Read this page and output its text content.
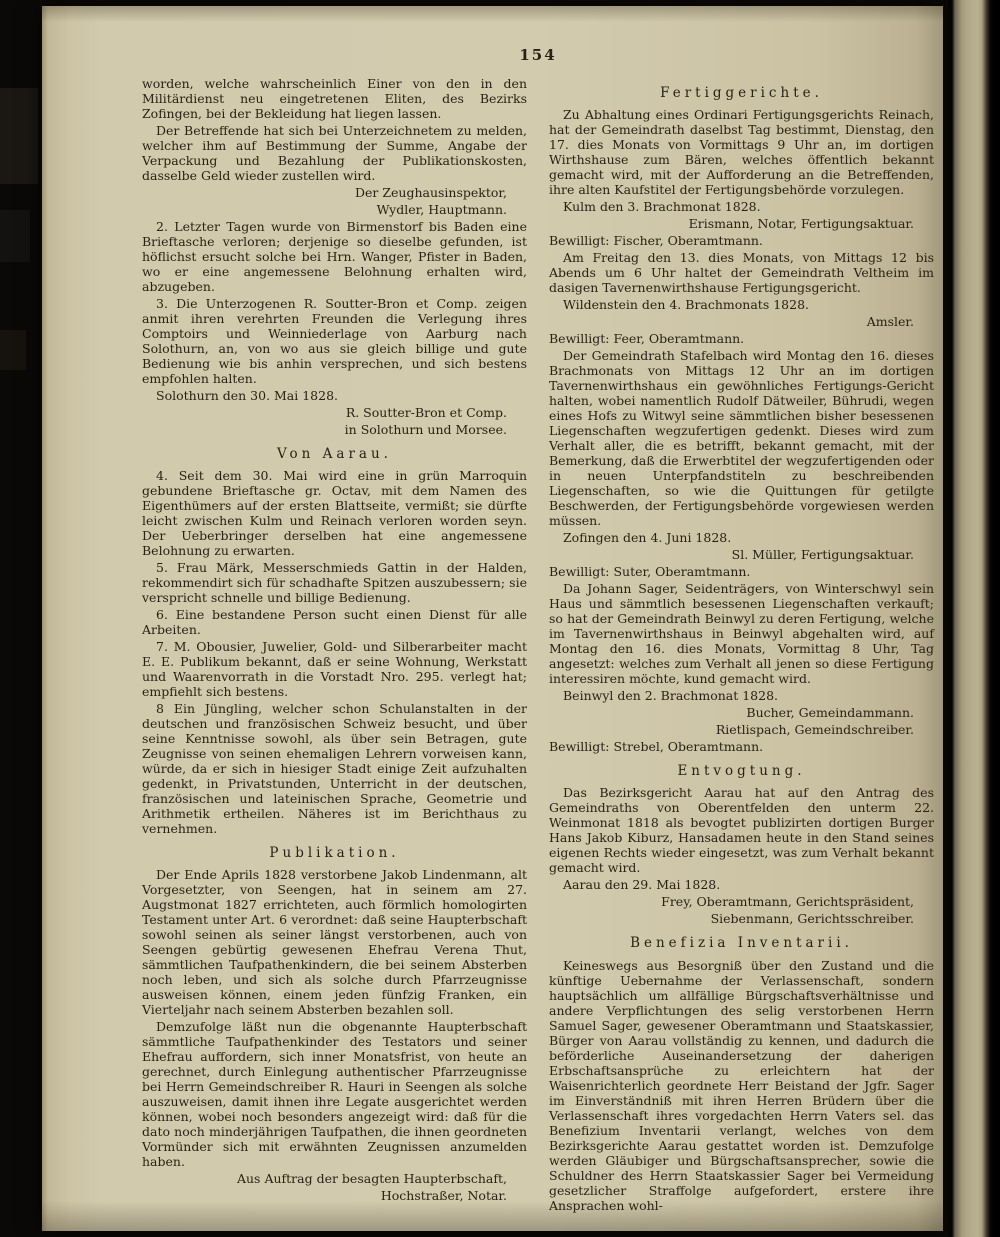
154
worden, welche wahrscheinlich Einer von den in den Militärdienst neu eingetretenen Eliten, des Bezirks Zofingen, bei der Bekleidung hat liegen lassen.
Der Betreffende hat sich bei Unterzeichnetem zu melden, welcher ihm auf Bestimmung der Summe, Angabe der Verpackung und Bezahlung der Publikationskosten, dasselbe Geld wieder zustellen wird.
Der Zeughausinspektor,
Wydler, Hauptmann.
2. Letzter Tagen wurde von Birmenstorf bis Baden eine Brieftasche verloren; derjenige so dieselbe gefunden, ist höflichst ersucht solche bei Hrn. Wanger, Pfister in Baden, wo er eine angemessene Belohnung erhalten wird, abzugeben.
3. Die Unterzogenen R. Soutter-Bron et Comp. zeigen anmit ihren verehrten Freunden die Verlegung ihres Comptoirs und Weinniederlage von Aarburg nach Solothurn, an, von wo aus sie gleich billige und gute Bedienung wie bis anhin versprechen, und sich bestens empfohlen halten.
Solothurn den 30. Mai 1828.
R. Soutter-Bron et Comp.
in Solothurn und Morsee.
Von Aarau.
4. Seit dem 30. Mai wird eine in grün Marroquin gebundene Brieftasche gr. Octav, mit dem Namen des Eigenthümers auf der ersten Blattseite, vermißt; sie dürfte leicht zwischen Kulm und Reinach verloren worden seyn. Der Ueberbringer derselben hat eine angemessene Belohnung zu erwarten.
5. Frau Märk, Messerschmieds Gattin in der Halden, rekommendirt sich für schadhafte Spitzen auszubessern; sie verspricht schnelle und billige Bedienung.
6. Eine bestandene Person sucht einen Dienst für alle Arbeiten.
7. M. Obousier, Juwelier, Gold- und Silberarbeiter macht E. E. Publikum bekannt, daß er seine Wohnung, Werkstatt und Waarenvorrath in die Vorstadt Nro. 295. verlegt hat; empfiehlt sich bestens.
8 Ein Jüngling, welcher schon Schulanstalten in der deutschen und französischen Schweiz besucht, und über seine Kenntnisse sowohl, als über sein Betragen, gute Zeugnisse von seinen ehemaligen Lehrern vorweisen kann, würde, da er sich in hiesiger Stadt einige Zeit aufzuhalten gedenkt, in Privatstunden, Unterricht in der deutschen, französischen und lateinischen Sprache, Geometrie und Arithmetik ertheilen. Näheres ist im Berichthaus zu vernehmen.
Publikation.
Der Ende Aprils 1828 verstorbene Jakob Lindenmann, alt Vorgesetzter, von Seengen, hat in seinem am 27. Augstmonat 1827 errichteten, auch förmlich homologirten Testament unter Art. 6 verordnet: daß seine Haupterbschaft sowohl seinen als seiner längst verstorbenen, auch von Seengen gebürtig gewesenen Ehefrau Verena Thut, sämmtlichen Taufpathenkindern, die bei seinem Absterben noch leben, und sich als solche durch Pfarrzeugnisse ausweisen können, einem jeden fünfzig Franken, ein Vierteljahr nach seinem Absterben bezahlen soll.
Demzufolge läßt nun die obgenannte Haupterbschaft sämmtliche Taufpathenkinder des Testators und seiner Ehefrau auffordern, sich inner Monatsfrist, von heute an gerechnet, durch Einlegung authentischer Pfarrzeugnisse bei Herrn Gemeindschreiber R. Hauri in Seengen als solche auszuweisen, damit ihnen ihre Legate ausgerichtet werden können, wobei noch besonders angezeigt wird: daß für die dato noch minderjährigen Taufpathen, die ihnen geordneten Vormünder sich mit erwähnten Zeugnissen anzumelden haben.
Aus Auftrag der besagten Haupterbschaft,
Hochstraßer, Notar.
Fertiggerichte.
Zu Abhaltung eines Ordinari Fertigungsgerichts Reinach, hat der Gemeindrath daselbst Tag bestimmt, Dienstag, den 17. dies Monats von Vormittags 9 Uhr an, im dortigen Wirthshause zum Bären, welches öffentlich bekannt gemacht wird, mit der Aufforderung an die Betreffenden, ihre alten Kaufstitel der Fertigungsbehörde vorzulegen.
Kulm den 3. Brachmonat 1828.
Erismann, Notar, Fertigungsaktuar.
Bewilligt: Fischer, Oberamtmann.
Am Freitag den 13. dies Monats, von Mittags 12 bis Abends um 6 Uhr haltet der Gemeindrath Veltheim im dasigen Tavernenwirthshause Fertigungsgericht.
Wildenstein den 4. Brachmonats 1828.
Amsler.
Bewilligt: Feer, Oberamtmann.
Der Gemeindrath Stafelbach wird Montag den 16. dieses Brachmonats von Mittags 12 Uhr an im dortigen Tavernenwirthshaus ein gewöhnliches Fertigungs-Gericht halten, wobei namentlich Rudolf Dätweiler, Bührudi, wegen eines Hofs zu Witwyl seine sämmtlichen bisher besessenen Liegenschaften wegzufertigen gedenkt. Dieses wird zum Verhalt aller, die es betrifft, bekannt gemacht, mit der Bemerkung, daß die Erwerbtitel der wegzufertigenden oder in neuen Unterpfandstiteln zu beschreibenden Liegenschaften, so wie die Quittungen für getilgte Beschwerden, der Fertigungsbehörde vorgewiesen werden müssen.
Zofingen den 4. Juni 1828.
Sl. Müller, Fertigungsaktuar.
Bewilligt: Suter, Oberamtmann.
Da Johann Sager, Seidenträgers, von Winterschwyl sein Haus und sämmtlich besessenen Liegenschaften verkauft; so hat der Gemeindrath Beinwyl zu deren Fertigung, welche im Tavernenwirthshaus in Beinwyl abgehalten wird, auf Montag den 16. dies Monats, Vormittag 8 Uhr, Tag angesetzt: welches zum Verhalt all jenen so diese Fertigung interessiren möchte, kund gemacht wird.
Beinwyl den 2. Brachmonat 1828.
Bucher, Gemeindammann.
Rietlispach, Gemeindschreiber.
Bewilligt: Strebel, Oberamtmann.
Entvogtung.
Das Bezirksgericht Aarau hat auf den Antrag des Gemeindraths von Oberentfelden den unterm 22. Weinmonat 1818 als bevogtet publizirten dortigen Burger Hans Jakob Kiburz, Hansadamen heute in den Stand seines eigenen Rechts wieder eingesetzt, was zum Verhalt bekannt gemacht wird.
Aarau den 29. Mai 1828.
Frey, Oberamtmann, Gerichtspräsident,
Siebenmann, Gerichtsschreiber.
Benefizia Inventarii.
Keineswegs aus Besorgniß über den Zustand und die künftige Uebernahme der Verlassenschaft, sondern hauptsächlich um allfällige Bürgschaftsverhältnisse und andere Verpflichtungen des selig verstorbenen Herrn Samuel Sager, gewesener Oberamtmann und Staatskassier, Bürger von Aarau vollständig zu kennen, und dadurch die beförderliche Auseinandersetzung der daherigen Erbschaftsansprüche zu erleichtern hat der Waisenrichterlich geordnete Herr Beistand der Jgfr. Sager im Einverständniß mit ihren Herren Brüdern über die Verlassenschaft ihres vorgedachten Herrn Vaters sel. das Benefizium Inventarii verlangt, welches von dem Bezirksgerichte Aarau gestattet worden ist. Demzufolge werden Gläubiger und Bürgschaftsansprecher, sowie die Schuldner des Herrn Staatskassier Sager bei Vermeidung gesetzlicher Straffolge aufgefordert, erstere ihre Ansprachen wohl-
